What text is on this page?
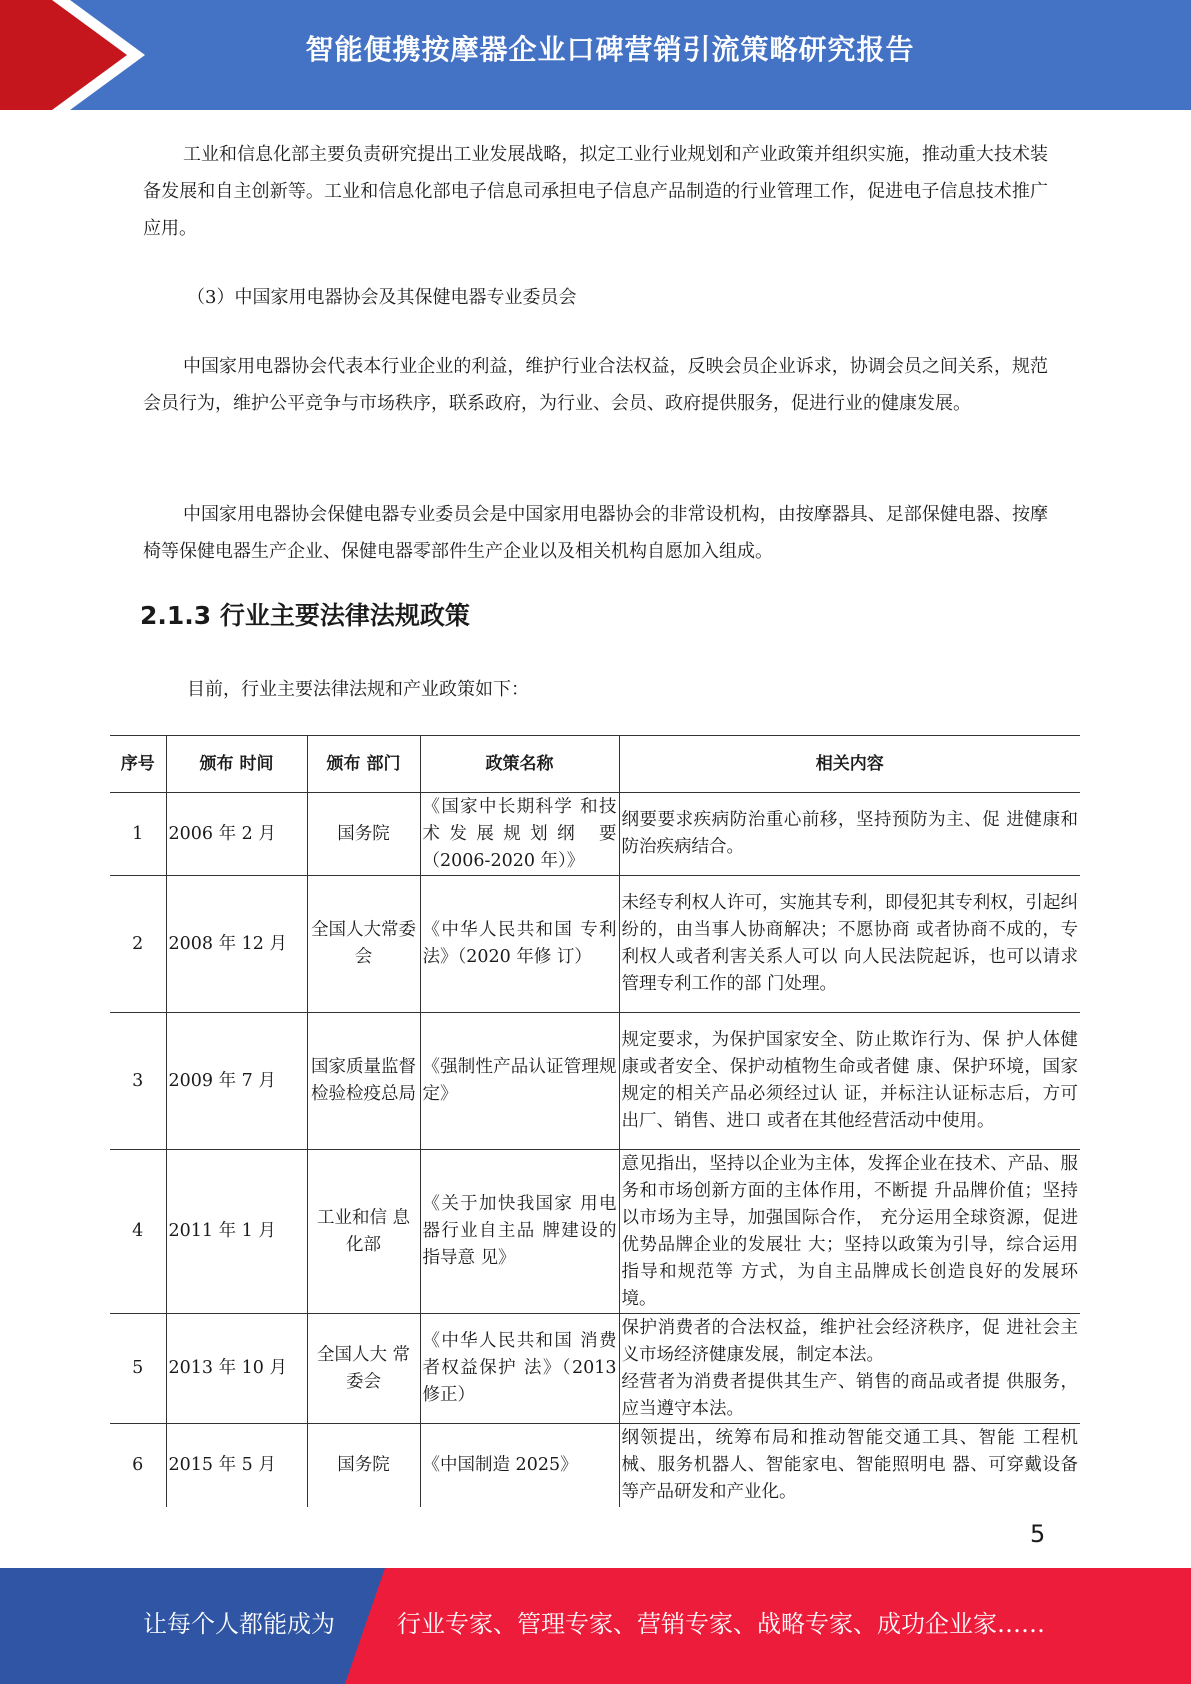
智能便携按摩器企业口碑营销引流策略研究报告

工业和信息化部主要负责研究提出工业发展战略，拟定工业行业规划和产业政策并组织实施，推动重大技术装备发展和自主创新等。工业和信息化部电子信息司承担电子信息产品制造的行业管理工作，促进电子信息技术推广应用。

（3）中国家用电器协会及其保健电器专业委员会

中国家用电器协会代表本行业企业的利益，维护行业合法权益，反映会员企业诉求，协调会员之间关系，规范会员行为，维护公平竞争与市场秩序，联系政府，为行业、会员、政府提供服务，促进行业的健康发展。

中国家用电器协会保健电器专业委员会是中国家用电器协会的非常设机构，由按摩器具、足部保健电器、按摩椅等保健电器生产企业、保健电器零部件生产企业以及相关机构自愿加入组成。

2.1.3 行业主要法律法规政策
目前，行业主要法律法规和产业政策如下：
序号	颁布 时间	颁布 部门	政策名称	相关内容
1	2006 年 2 月	国务院	《国家中长期科学 和技术发展规划纲 要（2006-2020 年）》	纲要要求疾病防治重心前移，坚持预防为主、促 进健康和防治疾病结合。
2	2008 年 12 月	全国人大常委会	《中华人民共和国 专利法》（2020 年修 订）	未经专利权人许可，实施其专利，即侵犯其专利权，引起纠纷的，由当事人协商解决；不愿协商 或者协商不成的，专利权人或者利害关系人可以 向人民法院起诉，也可以请求管理专利工作的部 门处理。
3	2009 年 7 月	国家质量监督检验检疫总局	《强制性产品认证管理规定》	规定要求，为保护国家安全、防止欺诈行为、保 护人体健康或者安全、保护动植物生命或者健 康、保护环境，国家规定的相关产品必须经过认 证，并标注认证标志后，方可出厂、销售、进口 或者在其他经营活动中使用。
4	2011 年 1 月	工业和信 息化部	《关于加快我国家 用电器行业自主品 牌建设的指导意 见》	意见指出，坚持以企业为主体，发挥企业在技术、产品、服务和市场创新方面的主体作用，不断提 升品牌价值；坚持以市场为主导，加强国际合作， 充分运用全球资源，促进优势品牌企业的发展壮 大；坚持以政策为引导，综合运用指导和规范等 方式，为自主品牌成长创造良好的发展环境。
5	2013 年 10 月	全国人大 常委会	《中华人民共和国 消费者权益保护 法》（2013 修正）	保护消费者的合法权益，维护社会经济秩序，促 进社会主义市场经济健康发展，制定本法。
经营者为消费者提供其生产、销售的商品或者提 供服务，应当遵守本法。
6	2015 年 5 月	国务院	《中国制造 2025》	纲领提出，统筹布局和推动智能交通工具、智能 工程机械、服务机器人、智能家电、智能照明电 器、可穿戴设备等产品研发和产业化。
5
让每个人都能成为	行业专家、管理专家、营销专家、战略专家、成功企业家……
